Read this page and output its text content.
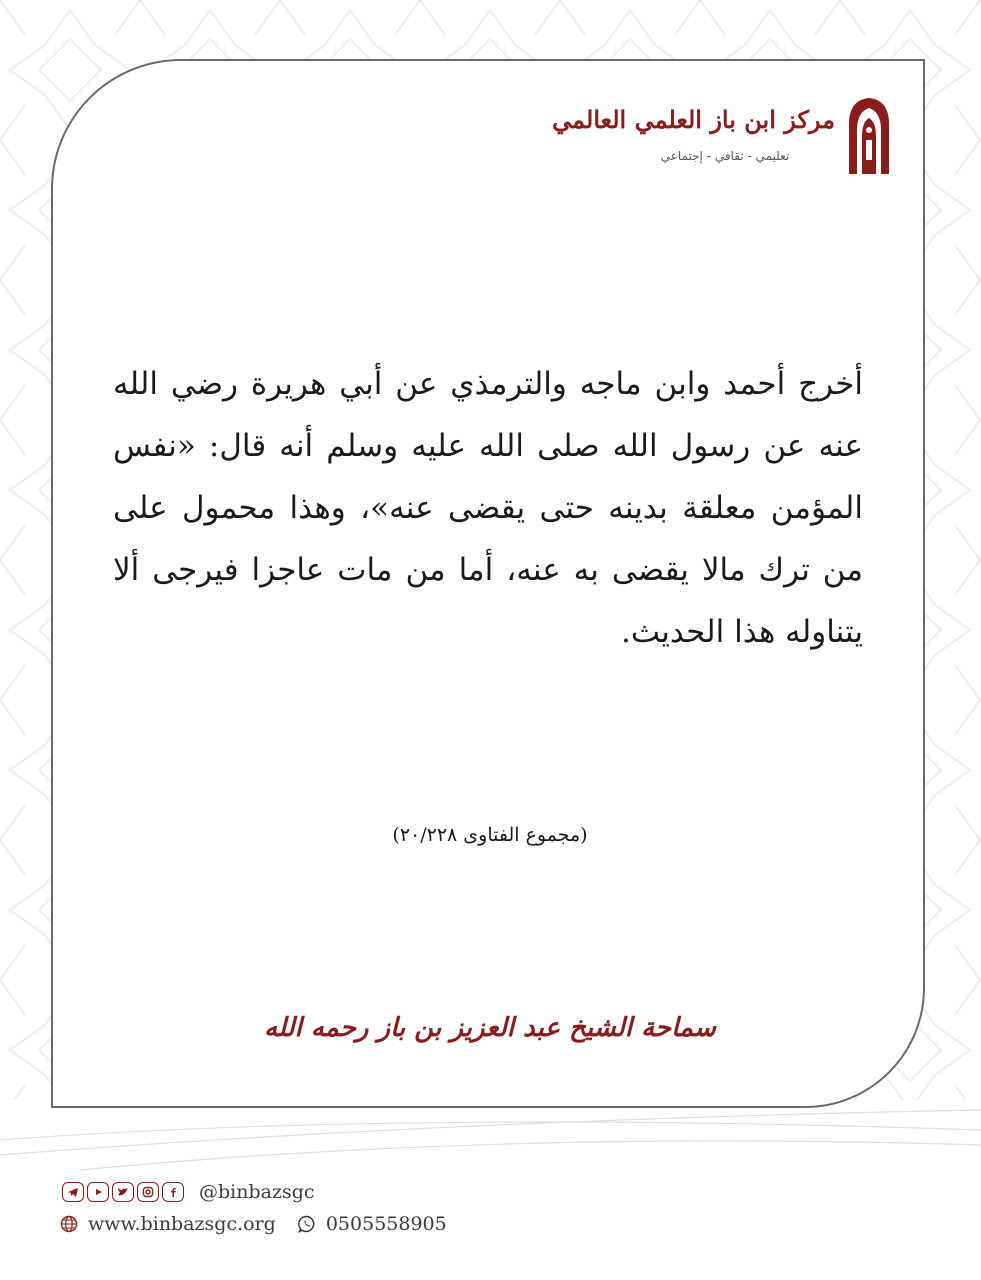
مركز ابن باز العلمي العالمي
تعليمي - ثقافي - إجتماعي
أخرج أحمد وابن ماجه والترمذي عن أبي هريرة رضي الله عنه عن رسول الله صلى الله عليه وسلم أنه قال: «نفس المؤمن معلقة بدينه حتى يقضى عنه»، وهذا محمول على من ترك مالا يقضى به عنه، أما من مات عاجزا فيرجى ألا يتناوله هذا الحديث.
(مجموع الفتاوى ٢٠/٢٢٨)
سماحة الشيخ عبد العزيز بن باز رحمه الله
@binbazsgc
www.binbazsgc.org	0505558905
